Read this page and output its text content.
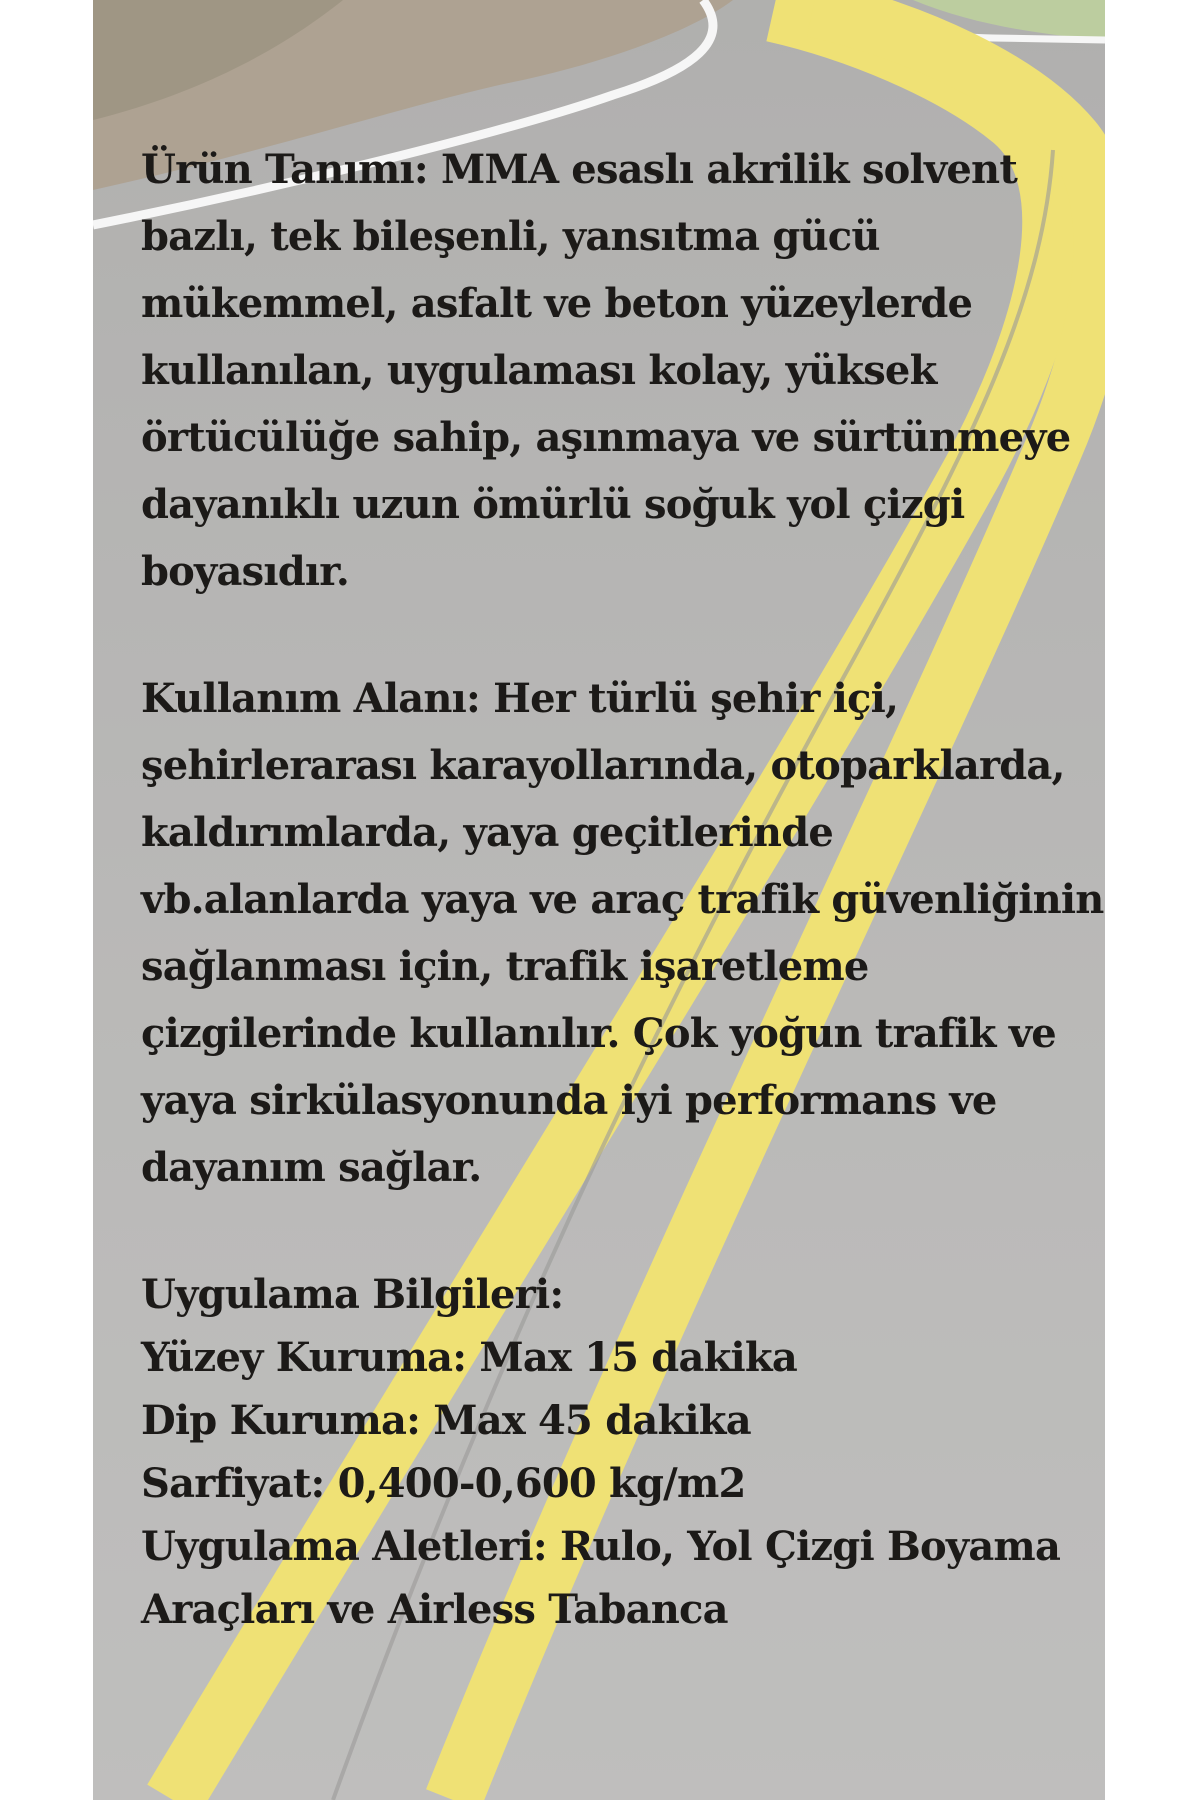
Ürün Tanımı: MMA esaslı akrilik solvent
bazlı, tek bileşenli, yansıtma gücü
mükemmel, asfalt ve beton yüzeylerde
kullanılan, uygulaması kolay, yüksek
örtücülüğe sahip, aşınmaya ve sürtünmeye
dayanıklı uzun ömürlü soğuk yol çizgi
boyasıdır.
Kullanım Alanı: Her türlü şehir içi,
şehirlerarası karayollarında, otoparklarda,
kaldırımlarda, yaya geçitlerinde
vb.alanlarda yaya ve araç trafik güvenliğinin
sağlanması için, trafik işaretleme
çizgilerinde kullanılır. Çok yoğun trafik ve
yaya sirkülasyonunda iyi performans ve
dayanım sağlar.
Uygulama Bilgileri:
Yüzey Kuruma: Max 15 dakika
Dip Kuruma: Max 45 dakika
Sarfiyat: 0,400-0,600 kg/m2
Uygulama Aletleri: Rulo, Yol Çizgi Boyama
Araçları ve Airless Tabanca
